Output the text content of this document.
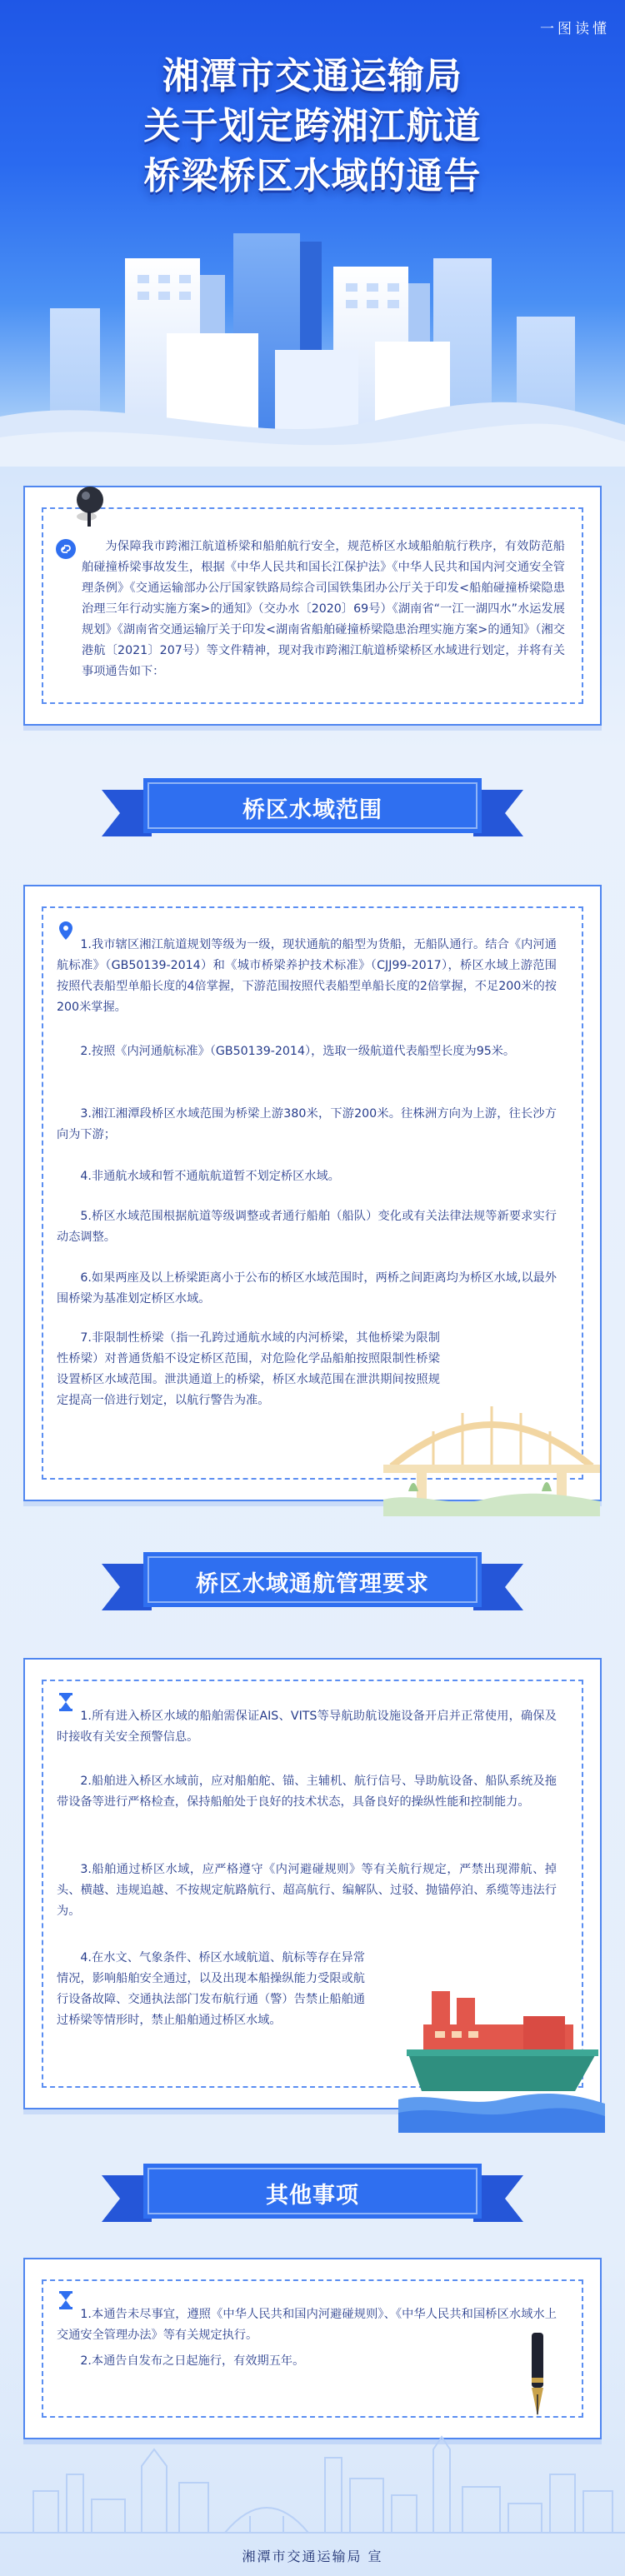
一图读懂
湘潭市交通运输局
关于划定跨湘江航道
桥梁桥区水域的通告
为保障我市跨湘江航道桥梁和船舶航行安全，规范桥区水域船舶航行秩序，有效防范船舶碰撞桥梁事故发生，根据《中华人民共和国长江保护法》《中华人民共和国内河交通安全管理条例》《交通运输部办公厅国家铁路局综合司国铁集团办公厅关于印发<船舶碰撞桥梁隐患治理三年行动实施方案>的通知》（交办水〔2020〕69号）《湖南省“一江一湖四水”水运发展规划》《湖南省交通运输厅关于印发<湖南省船舶碰撞桥梁隐患治理实施方案>的通知》（湘交港航〔2021〕207号）等文件精神，现对我市跨湘江航道桥梁桥区水域进行划定，并将有关事项通告如下：
桥区水域范围
1.我市辖区湘江航道规划等级为一级，现状通航的船型为货船，无船队通行。结合《内河通航标准》（GB50139-2014）和《城市桥梁养护技术标准》（CJJ99-2017），桥区水域上游范围按照代表船型单船长度的4倍掌握，下游范围按照代表船型单船长度的2倍掌握，不足200米的按200米掌握。
2.按照《内河通航标准》（GB50139-2014），选取一级航道代表船型长度为95米。
3.湘江湘潭段桥区水域范围为桥梁上游380米，下游200米。往株洲方向为上游，往长沙方向为下游；
4.非通航水域和暂不通航航道暂不划定桥区水域。
5.桥区水域范围根据航道等级调整或者通行船舶（船队）变化或有关法律法规等新要求实行动态调整。
6.如果两座及以上桥梁距离小于公布的桥区水域范围时，两桥之间距离均为桥区水域,以最外围桥梁为基准划定桥区水域。
7.非限制性桥梁（指一孔跨过通航水域的内河桥梁，其他桥梁为限制性桥梁）对普通货船不设定桥区范围，对危险化学品船舶按照限制性桥梁设置桥区水域范围。泄洪通道上的桥梁，桥区水域范围在泄洪期间按照规定提高一倍进行划定，以航行警告为准。
桥区水域通航管理要求
1.所有进入桥区水域的船舶需保证AIS、VITS等导航助航设施设备开启并正常使用，确保及时接收有关安全预警信息。
2.船舶进入桥区水域前，应对船舶舵、锚、主辅机、航行信号、导助航设备、船队系统及拖带设备等进行严格检查，保持船舶处于良好的技术状态，具备良好的操纵性能和控制能力。
3.船舶通过桥区水域，应严格遵守《内河避碰规则》等有关航行规定，严禁出现滞航、掉头、横越、违规追越、不按规定航路航行、超高航行、编解队、过驳、抛锚停泊、系缆等违法行为。
4.在水文、气象条件、桥区水域航道、航标等存在异常情况，影响船舶安全通过，以及出现本船操纵能力受限或航行设备故障、交通执法部门发布航行通（警）告禁止船舶通过桥梁等情形时，禁止船舶通过桥区水域。
其他事项
1.本通告未尽事宜，遵照《中华人民共和国内河避碰规则》、《中华人民共和国桥区水域水上交通安全管理办法》等有关规定执行。
2.本通告自发布之日起施行，有效期五年。
湘潭市交通运输局 宣
